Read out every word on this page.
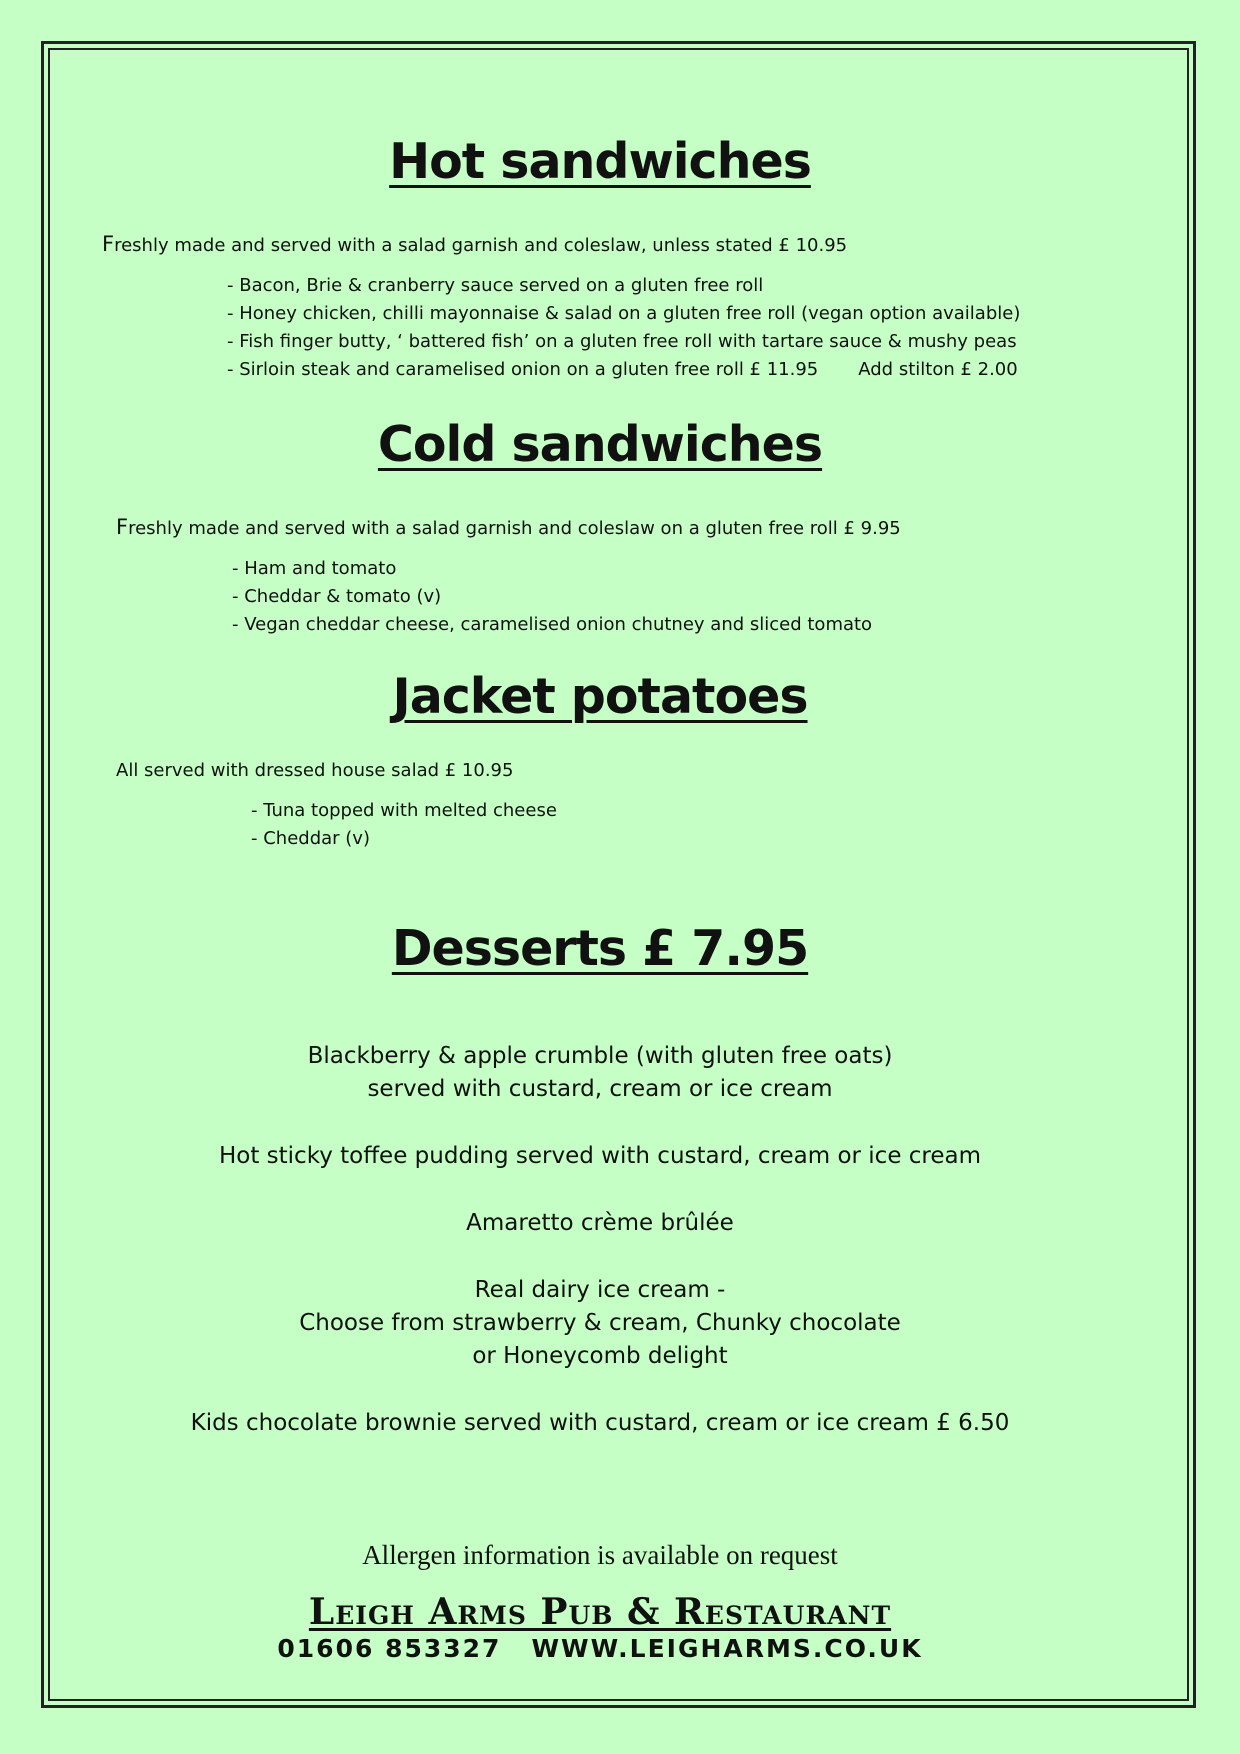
Hot sandwiches

Freshly made and served with a salad garnish and coleslaw, unless stated £ 10.95

- Bacon, Brie & cranberry sauce served on a gluten free roll
- Honey chicken, chilli mayonnaise & salad on a gluten free roll (vegan option available)
- Fish finger butty, ‘ battered fish’ on a gluten free roll with tartare sauce & mushy peas
- Sirloin steak and caramelised onion on a gluten free roll £ 11.95 Add stilton £ 2.00
Cold sandwiches

Freshly made and served with a salad garnish and coleslaw on a gluten free roll £ 9.95

- Ham and tomato
- Cheddar & tomato (v)
- Vegan cheddar cheese, caramelised onion chutney and sliced tomato
Jacket potatoes

All served with dressed house salad £ 10.95

- Tuna topped with melted cheese
- Cheddar (v)
Desserts £ 7.95

Blackberry & apple crumble (with gluten free oats)
served with custard, cream or ice cream

Hot sticky toffee pudding served with custard, cream or ice cream

Amaretto crème brûlée

Real dairy ice cream -
Choose from strawberry & cream, Chunky chocolate
or Honeycomb delight

Kids chocolate brownie served with custard, cream or ice cream £ 6.50

Allergen information is available on request

Leigh Arms Pub & Restaurant

01606 853327 WWW.LEIGHARMS.CO.UK
